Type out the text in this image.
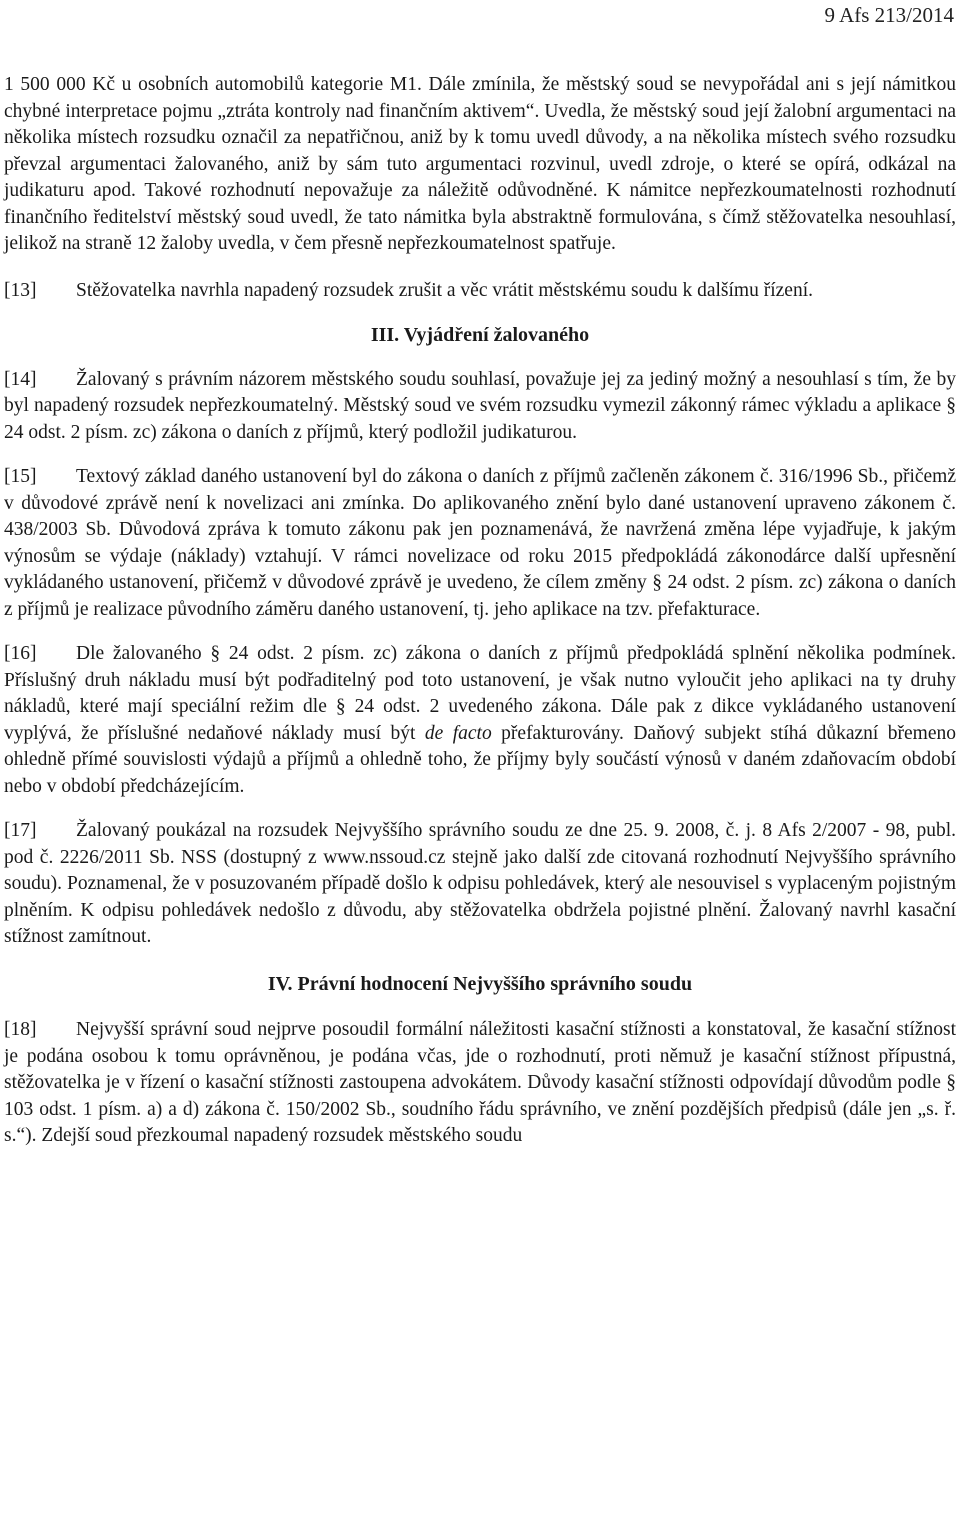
9 Afs 213/2014

1 500 000 Kč u osobních automobilů kategorie M1. Dále zmínila, že městský soud se nevypořádal ani s její námitkou chybné interpretace pojmu „ztráta kontroly nad finančním aktivem“. Uvedla, že městský soud její žalobní argumentaci na několika místech rozsudku označil za nepatřičnou, aniž by k tomu uvedl důvody, a na několika místech svého rozsudku převzal argumentaci žalovaného, aniž by sám tuto argumentaci rozvinul, uvedl zdroje, o které se opírá, odkázal na judikaturu apod. Takové rozhodnutí nepovažuje za náležitě odůvodněné. K námitce nepřezkoumatelnosti rozhodnutí finančního ředitelství městský soud uvedl, že tato námitka byla abstraktně formulována, s čímž stěžovatelka nesouhlasí, jelikož na straně 12 žaloby uvedla, v čem přesně nepřezkoumatelnost spatřuje.

[13] Stěžovatelka navrhla napadený rozsudek zrušit a věc vrátit městskému soudu k dalšímu řízení.

III. Vyjádření žalovaného

[14] Žalovaný s právním názorem městského soudu souhlasí, považuje jej za jediný možný a nesouhlasí s tím, že by byl napadený rozsudek nepřezkoumatelný. Městský soud ve svém rozsudku vymezil zákonný rámec výkladu a aplikace § 24 odst. 2 písm. zc) zákona o daních z příjmů, který podložil judikaturou.

[15] Textový základ daného ustanovení byl do zákona o daních z příjmů začleněn zákonem č. 316/1996 Sb., přičemž v důvodové zprávě není k novelizaci ani zmínka. Do aplikovaného znění bylo dané ustanovení upraveno zákonem č. 438/2003 Sb. Důvodová zpráva k tomuto zákonu pak jen poznamenává, že navržená změna lépe vyjadřuje, k jakým výnosům se výdaje (náklady) vztahují. V rámci novelizace od roku 2015 předpokládá zákonodárce další upřesnění vykládaného ustanovení, přičemž v důvodové zprávě je uvedeno, že cílem změny § 24 odst. 2 písm. zc) zákona o daních z příjmů je realizace původního záměru daného ustanovení, tj. jeho aplikace na tzv. přefakturace.

[16] Dle žalovaného § 24 odst. 2 písm. zc) zákona o daních z příjmů předpokládá splnění několika podmínek. Příslušný druh nákladu musí být podřaditelný pod toto ustanovení, je však nutno vyloučit jeho aplikaci na ty druhy nákladů, které mají speciální režim dle § 24 odst. 2 uvedeného zákona. Dále pak z dikce vykládaného ustanovení vyplývá, že příslušné nedaňové náklady musí být de facto přefakturovány. Daňový subjekt stíhá důkazní břemeno ohledně přímé souvislosti výdajů a příjmů a ohledně toho, že příjmy byly součástí výnosů v daném zdaňovacím období nebo v období předcházejícím.

[17] Žalovaný poukázal na rozsudek Nejvyššího správního soudu ze dne 25. 9. 2008, č. j. 8 Afs 2/2007 - 98, publ. pod č. 2226/2011 Sb. NSS (dostupný z www.nssoud.cz stejně jako další zde citovaná rozhodnutí Nejvyššího správního soudu). Poznamenal, že v posuzovaném případě došlo k odpisu pohledávek, který ale nesouvisel s vyplaceným pojistným plněním. K odpisu pohledávek nedošlo z důvodu, aby stěžovatelka obdržela pojistné plnění. Žalovaný navrhl kasační stížnost zamítnout.

IV. Právní hodnocení Nejvyššího správního soudu

[18] Nejvyšší správní soud nejprve posoudil formální náležitosti kasační stížnosti a konstatoval, že kasační stížnost je podána osobou k tomu oprávněnou, je podána včas, jde o rozhodnutí, proti němuž je kasační stížnost přípustná, stěžovatelka je v řízení o kasační stížnosti zastoupena advokátem. Důvody kasační stížnosti odpovídají důvodům podle § 103 odst. 1 písm. a) a d) zákona č. 150/2002 Sb., soudního řádu správního, ve znění pozdějších předpisů (dále jen „s. ř. s.“). Zdejší soud přezkoumal napadený rozsudek městského soudu
